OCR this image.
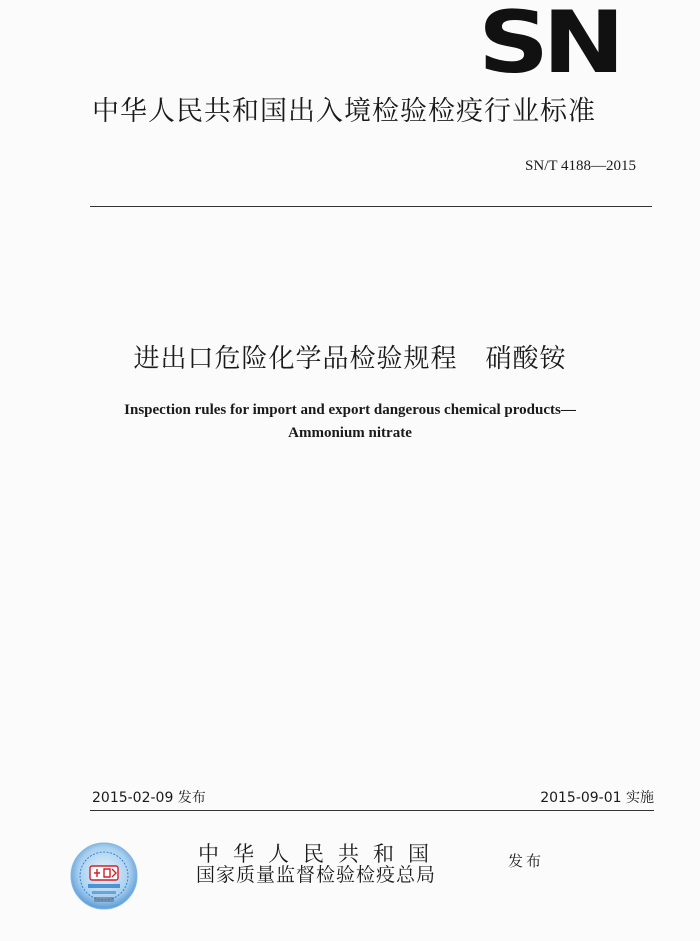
SN
中华人民共和国出入境检验检疫行业标准
SN/T 4188—2015
进出口危险化学品检验规程 硝酸铵
Inspection rules for import and export dangerous chemical products—
Ammonium nitrate
2015-02-09 发布	2015-09-01 实施
中华人民共和国
国家质量监督检验检疫总局
发布
